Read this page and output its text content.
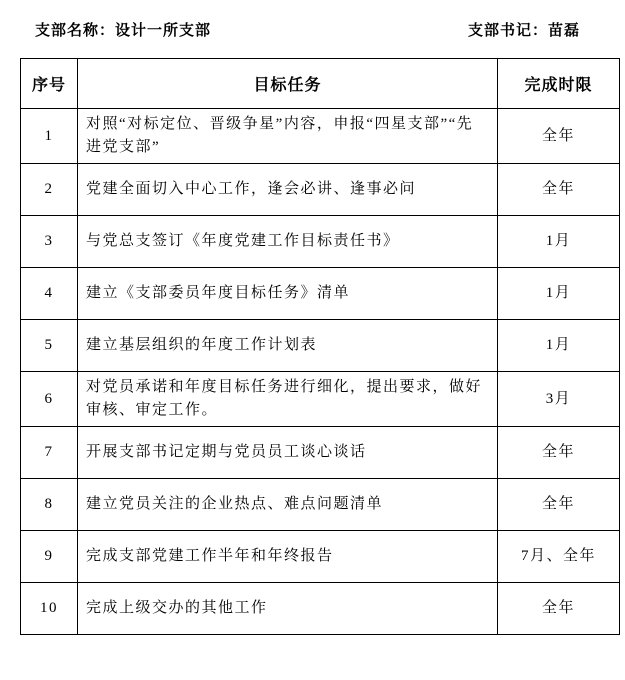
支部名称：设计一所支部	支部书记：苗磊
序号	目标任务	完成时限
1	对照“对标定位、晋级争星”内容，申报“四星支部”“先进党支部”	全年
2	党建全面切入中心工作，逢会必讲、逢事必问	全年
3	与党总支签订《年度党建工作目标责任书》	1月
4	建立《支部委员年度目标任务》清单	1月
5	建立基层组织的年度工作计划表	1月
6	对党员承诺和年度目标任务进行细化，提出要求，做好审核、审定工作。	3月
7	开展支部书记定期与党员员工谈心谈话	全年
8	建立党员关注的企业热点、难点问题清单	全年
9	完成支部党建工作半年和年终报告	7月、全年
10	完成上级交办的其他工作	全年
